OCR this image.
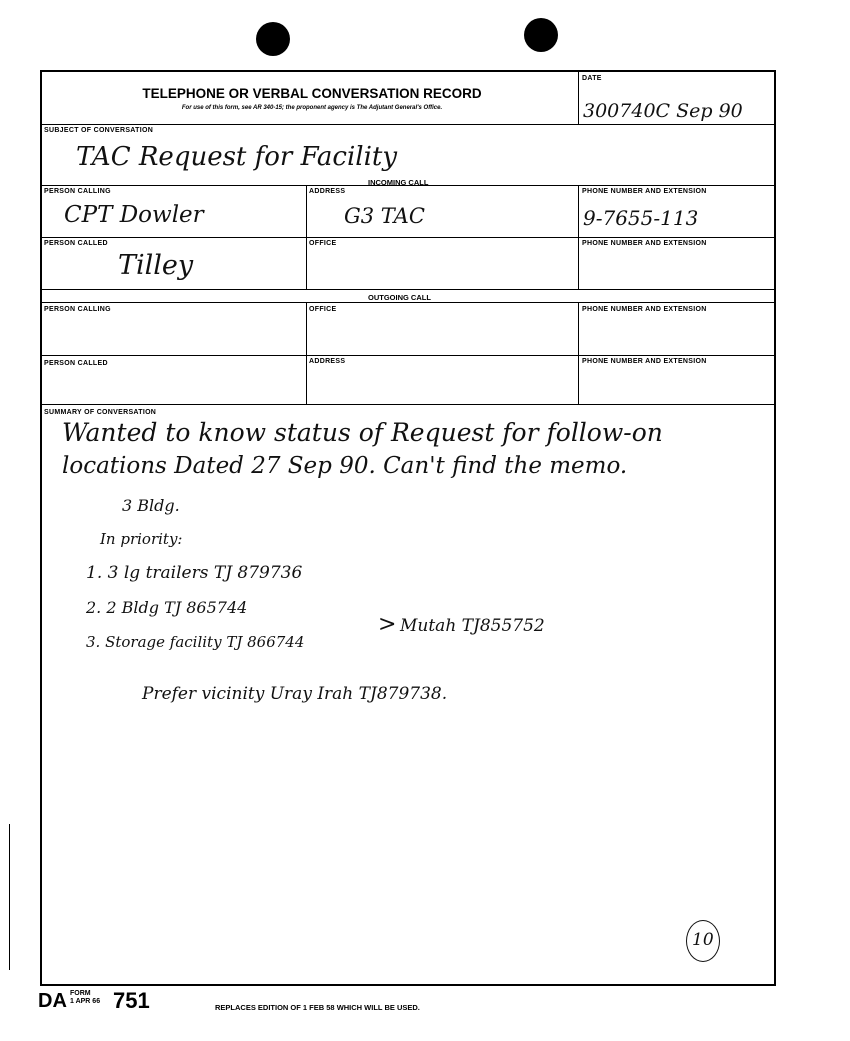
TELEPHONE OR VERBAL CONVERSATION RECORD
For use of this form, see AR 340-15; the proponent agency is The Adjutant General's Office.
DATE
300740C Sep 90
SUBJECT OF CONVERSATION
TAC Request for Facility
INCOMING CALL
PERSON CALLING	ADDRESS	PHONE NUMBER AND EXTENSION
CPT Dowler	G3 TAC	9-7655-113
PERSON CALLED	OFFICE	PHONE NUMBER AND EXTENSION
Tilley
OUTGOING CALL
PERSON CALLING	OFFICE	PHONE NUMBER AND EXTENSION
PERSON CALLED	ADDRESS	PHONE NUMBER AND EXTENSION
SUMMARY OF CONVERSATION
Wanted to know status of Request for follow-on
locations Dated 27 Sep 90. Can't find the memo.
3 Bldg.
In priority:
1. 3 lg trailers TJ 879736
2. 2 Bldg TJ 865744
3. Storage facility TJ 866744
> Mutah TJ855752
Prefer vicinity Uray Irah TJ879738.
10
DA FORM
1 APR 66 751	REPLACES EDITION OF 1 FEB 58 WHICH WILL BE USED.
